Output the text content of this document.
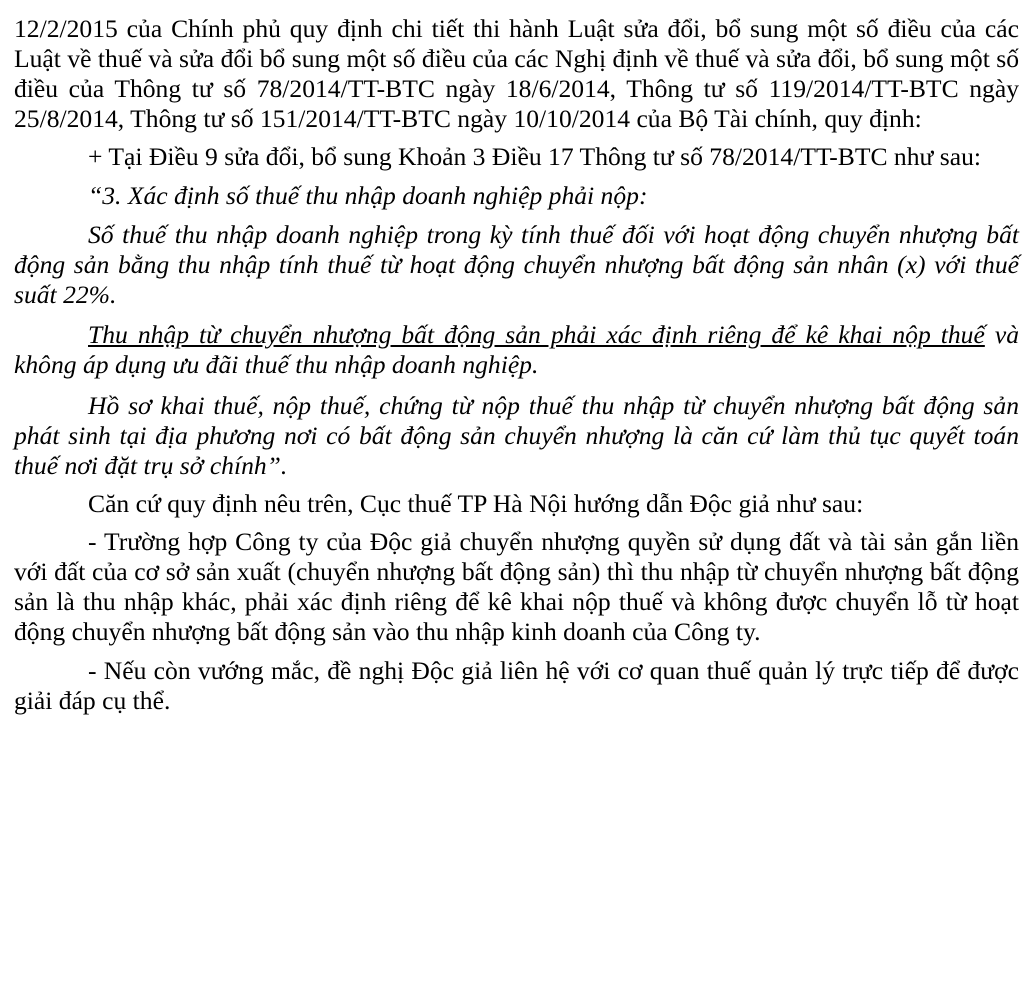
12/2/2015 của Chính phủ quy định chi tiết thi hành Luật sửa đổi, bổ sung một số điều của các Luật về thuế và sửa đổi bổ sung một số điều của các Nghị định về thuế và sửa đổi, bổ sung một số điều của Thông tư số 78/2014/TT-BTC ngày 18/6/2014, Thông tư số 119/2014/TT-BTC ngày 25/8/2014, Thông tư số 151/2014/TT-BTC ngày 10/10/2014 của Bộ Tài chính, quy định:

+ Tại Điều 9 sửa đổi, bổ sung Khoản 3 Điều 17 Thông tư số 78/2014/TT-BTC như sau:

“3. Xác định số thuế thu nhập doanh nghiệp phải nộp:

Số thuế thu nhập doanh nghiệp trong kỳ tính thuế đối với hoạt động chuyển nhượng bất động sản bằng thu nhập tính thuế từ hoạt động chuyển nhượng bất động sản nhân (x) với thuế suất 22%.

Thu nhập từ chuyển nhượng bất động sản phải xác định riêng để kê khai nộp thuế và không áp dụng ưu đãi thuế thu nhập doanh nghiệp.

Hồ sơ khai thuế, nộp thuế, chứng từ nộp thuế thu nhập từ chuyển nhượng bất động sản phát sinh tại địa phương nơi có bất động sản chuyển nhượng là căn cứ làm thủ tục quyết toán thuế nơi đặt trụ sở chính”.

Căn cứ quy định nêu trên, Cục thuế TP Hà Nội hướng dẫn Độc giả như sau:

- Trường hợp Công ty của Độc giả chuyển nhượng quyền sử dụng đất và tài sản gắn liền với đất của cơ sở sản xuất (chuyển nhượng bất động sản) thì thu nhập từ chuyển nhượng bất động sản là thu nhập khác, phải xác định riêng để kê khai nộp thuế và không được chuyển lỗ từ hoạt động chuyển nhượng bất động sản vào thu nhập kinh doanh của Công ty.

- Nếu còn vướng mắc, đề nghị Độc giả liên hệ với cơ quan thuế quản lý trực tiếp để được giải đáp cụ thể.
